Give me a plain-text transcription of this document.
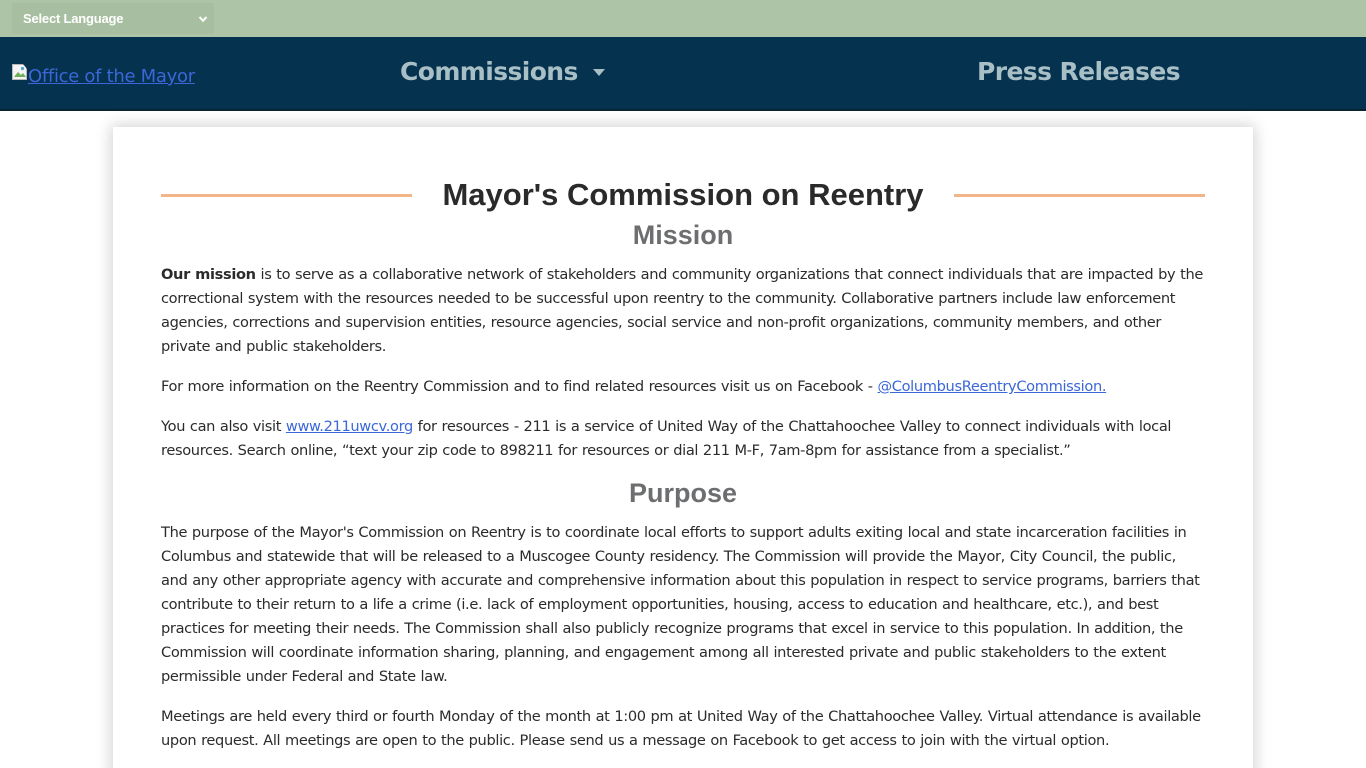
Select Language
Office of the Mayor	Commissions	Press Releases
Mayor's Commission on Reentry
Mission

Our mission is to serve as a collaborative network of stakeholders and community organizations that connect individuals that are impacted by the correctional system with the resources needed to be successful upon reentry to the community. Collaborative partners include law enforcement agencies, corrections and supervision entities, resource agencies, social service and non-profit organizations, community members, and other private and public stakeholders.

For more information on the Reentry Commission and to find related resources visit us on Facebook - @ColumbusReentryCommission.

You can also visit www.211uwcv.org for resources - 211 is a service of United Way of the Chattahoochee Valley to connect individuals with local resources. Search online, “text your zip code to 898211 for resources or dial 211 M-F, 7am-8pm for assistance from a specialist.”

Purpose

The purpose of the Mayor's Commission on Reentry is to coordinate local efforts to support adults exiting local and state incarceration facilities in Columbus and statewide that will be released to a Muscogee County residency. The Commission will provide the Mayor, City Council, the public, and any other appropriate agency with accurate and comprehensive information about this population in respect to service programs, barriers that contribute to their return to a life a crime (i.e. lack of employment opportunities, housing, access to education and healthcare, etc.), and best practices for meeting their needs. The Commission shall also publicly recognize programs that excel in service to this population. In addition, the Commission will coordinate information sharing, planning, and engagement among all interested private and public stakeholders to the extent permissible under Federal and State law.

Meetings are held every third or fourth Monday of the month at 1:00 pm at United Way of the Chattahoochee Valley. Virtual attendance is available upon request. All meetings are open to the public. Please send us a message on Facebook to get access to join with the virtual option.
